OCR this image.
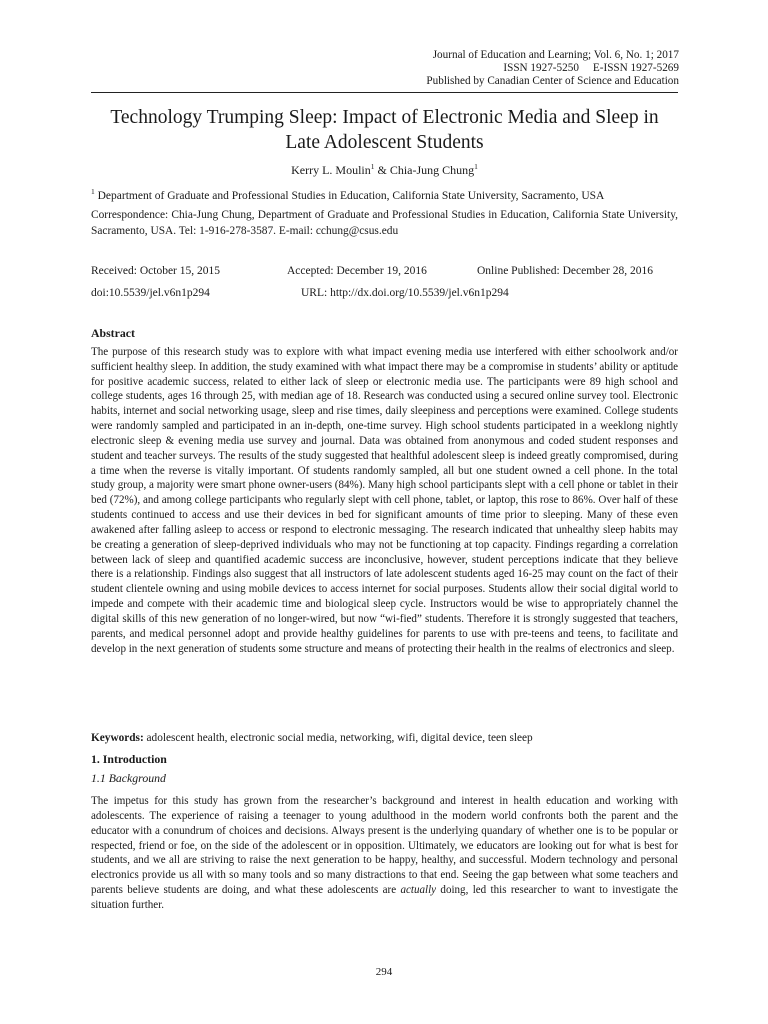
Journal of Education and Learning; Vol. 6, No. 1; 2017
ISSN 1927-5250 E-ISSN 1927-5269
Published by Canadian Center of Science and Education
Technology Trumping Sleep: Impact of Electronic Media and Sleep in
Late Adolescent Students
Kerry L. Moulin$^1$ & Chia-Jung Chung$^1$
$^1$ Department of Graduate and Professional Studies in Education, California State University, Sacramento, USA
Correspondence: Chia-Jung Chung, Department of Graduate and Professional Studies in Education, California State University, Sacramento, USA. Tel: 1-916-278-3587. E-mail: cchung@csus.edu
Received: October 15, 2015	Accepted: December 19, 2016	Online Published: December 28, 2016
doi:10.5539/jel.v6n1p294	URL: http://dx.doi.org/10.5539/jel.v6n1p294
Abstract
The purpose of this research study was to explore with what impact evening media use interfered with either schoolwork and/or sufficient healthy sleep. In addition, the study examined with what impact there may be a compromise in students’ ability or aptitude for positive academic success, related to either lack of sleep or electronic media use. The participants were 89 high school and college students, ages 16 through 25, with median age of 18. Research was conducted using a secured online survey tool. Electronic habits, internet and social networking usage, sleep and rise times, daily sleepiness and perceptions were examined. College students were randomly sampled and participated in an in-depth, one-time survey. High school students participated in a weeklong nightly electronic sleep & evening media use survey and journal. Data was obtained from anonymous and coded student responses and student and teacher surveys. The results of the study suggested that healthful adolescent sleep is indeed greatly compromised, during a time when the reverse is vitally important. Of students randomly sampled, all but one student owned a cell phone. In the total study group, a majority were smart phone owner-users (84%). Many high school participants slept with a cell phone or tablet in their bed (72%), and among college participants who regularly slept with cell phone, tablet, or laptop, this rose to 86%. Over half of these students continued to access and use their devices in bed for significant amounts of time prior to sleeping. Many of these even awakened after falling asleep to access or respond to electronic messaging. The research indicated that unhealthy sleep habits may be creating a generation of sleep-deprived individuals who may not be functioning at top capacity. Findings regarding a correlation between lack of sleep and quantified academic success are inconclusive, however, student perceptions indicate that they believe there is a relationship. Findings also suggest that all instructors of late adolescent students aged 16-25 may count on the fact of their student clientele owning and using mobile devices to access internet for social purposes. Students allow their social digital world to impede and compete with their academic time and biological sleep cycle. Instructors would be wise to appropriately channel the digital skills of this new generation of no longer-wired, but now “wi-fied” students. Therefore it is strongly suggested that teachers, parents, and medical personnel adopt and provide healthy guidelines for parents to use with pre-teens and teens, to facilitate and develop in the next generation of students some structure and means of protecting their health in the realms of electronics and sleep.
Keywords: adolescent health, electronic social media, networking, wifi, digital device, teen sleep
1. Introduction
1.1 Background
The impetus for this study has grown from the researcher’s background and interest in health education and working with adolescents. The experience of raising a teenager to young adulthood in the modern world confronts both the parent and the educator with a conundrum of choices and decisions. Always present is the underlying quandary of whether one is to be popular or respected, friend or foe, on the side of the adolescent or in opposition. Ultimately, we educators are looking out for what is best for students, and we all are striving to raise the next generation to be happy, healthy, and successful. Modern technology and personal electronics provide us all with so many tools and so many distractions to that end. Seeing the gap between what some teachers and parents believe students are doing, and what these adolescents are actually doing, led this researcher to want to investigate the situation further.
294
